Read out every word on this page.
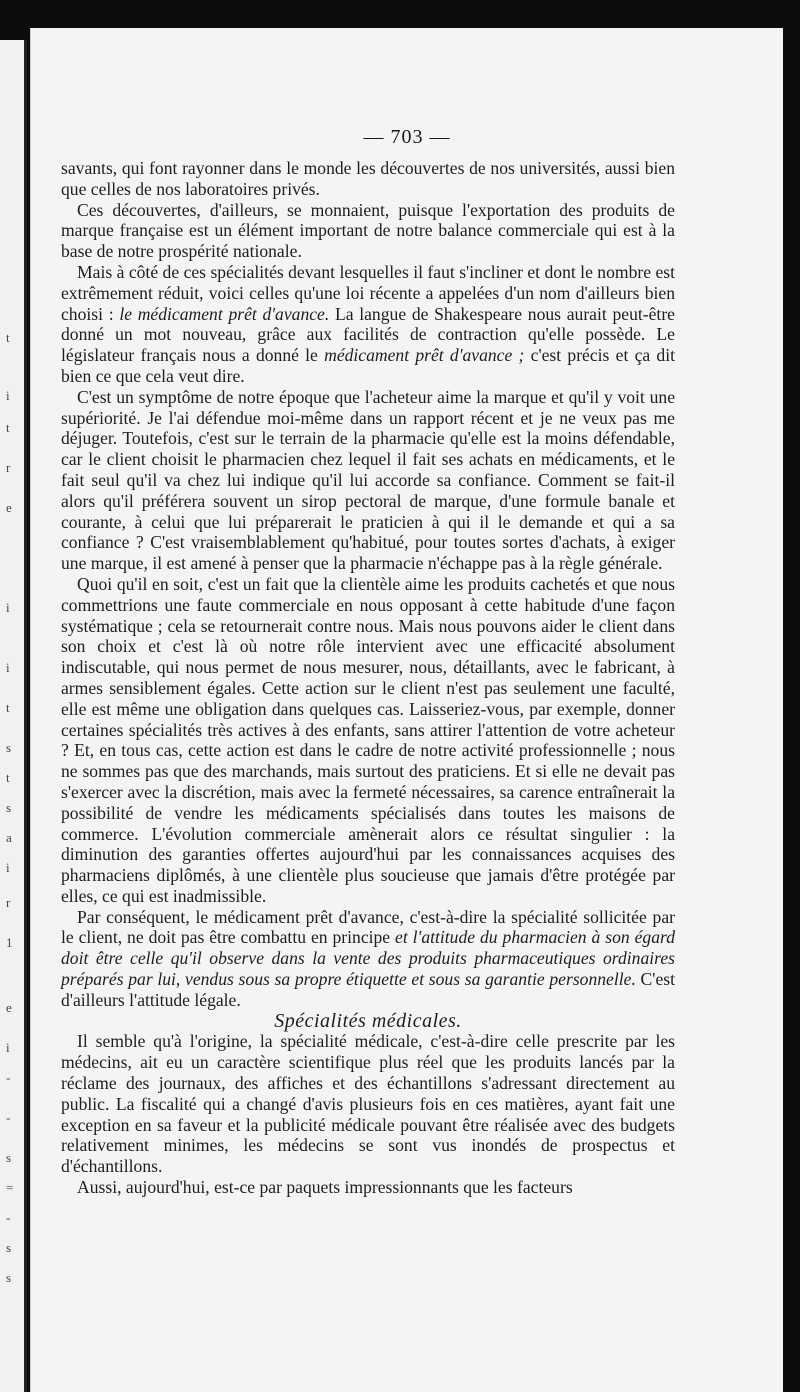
t
i
t
r
e
i
i
t
s
t
s
a
i
r
1
e
i
-
-
s
=
-
s
s
— 703 —

savants, qui font rayonner dans le monde les découvertes de nos universités, aussi bien que celles de nos laboratoires privés.

Ces découvertes, d'ailleurs, se monnaient, puisque l'exportation des produits de marque française est un élément important de notre balance commerciale qui est à la base de notre prospérité nationale.

Mais à côté de ces spécialités devant lesquelles il faut s'incliner et dont le nombre est extrêmement réduit, voici celles qu'une loi récente a appelées d'un nom d'ailleurs bien choisi : le médicament prêt d'avance. La langue de Shakespeare nous aurait peut-être donné un mot nouveau, grâce aux facilités de contraction qu'elle possède. Le législateur français nous a donné le médicament prêt d'avance ; c'est précis et ça dit bien ce que cela veut dire.

C'est un symptôme de notre époque que l'acheteur aime la marque et qu'il y voit une supériorité. Je l'ai défendue moi-même dans un rapport récent et je ne veux pas me déjuger. Toutefois, c'est sur le terrain de la pharmacie qu'elle est la moins défendable, car le client choisit le pharmacien chez lequel il fait ses achats en médicaments, et le fait seul qu'il va chez lui indique qu'il lui accorde sa confiance. Comment se fait-il alors qu'il préférera souvent un sirop pectoral de marque, d'une formule banale et courante, à celui que lui préparerait le praticien à qui il le demande et qui a sa confiance ? C'est vraisemblablement qu'habitué, pour toutes sortes d'achats, à exiger une marque, il est amené à penser que la pharmacie n'échappe pas à la règle générale.

Quoi qu'il en soit, c'est un fait que la clientèle aime les produits cachetés et que nous commettrions une faute commerciale en nous opposant à cette habitude d'une façon systématique ; cela se retournerait contre nous. Mais nous pouvons aider le client dans son choix et c'est là où notre rôle intervient avec une efficacité absolument indiscutable, qui nous permet de nous mesurer, nous, détaillants, avec le fabricant, à armes sensiblement égales. Cette action sur le client n'est pas seulement une faculté, elle est même une obligation dans quelques cas. Laisseriez-vous, par exemple, donner certaines spécialités très actives à des enfants, sans attirer l'attention de votre acheteur ? Et, en tous cas, cette action est dans le cadre de notre activité professionnelle ; nous ne sommes pas que des marchands, mais surtout des praticiens. Et si elle ne devait pas s'exercer avec la discrétion, mais avec la fermeté nécessaires, sa carence entraînerait la possibilité de vendre les médicaments spécialisés dans toutes les maisons de commerce. L'évolution commerciale amènerait alors ce résultat singulier : la diminution des garanties offertes aujourd'hui par les connaissances acquises des pharmaciens diplômés, à une clientèle plus soucieuse que jamais d'être protégée par elles, ce qui est inadmissible.

Par conséquent, le médicament prêt d'avance, c'est-à-dire la spécialité sollicitée par le client, ne doit pas être combattu en principe et l'attitude du pharmacien à son égard doit être celle qu'il observe dans la vente des produits pharmaceutiques ordinaires préparés par lui, vendus sous sa propre étiquette et sous sa garantie personnelle. C'est d'ailleurs l'attitude légale.

Spécialités médicales.

Il semble qu'à l'origine, la spécialité médicale, c'est-à-dire celle prescrite par les médecins, ait eu un caractère scientifique plus réel que les produits lancés par la réclame des journaux, des affiches et des échantillons s'adressant directement au public. La fiscalité qui a changé d'avis plusieurs fois en ces matières, ayant fait une exception en sa faveur et la publicité médicale pouvant être réalisée avec des budgets relativement minimes, les médecins se sont vus inondés de prospectus et d'échantillons.

Aussi, aujourd'hui, est-ce par paquets impressionnants que les facteurs
